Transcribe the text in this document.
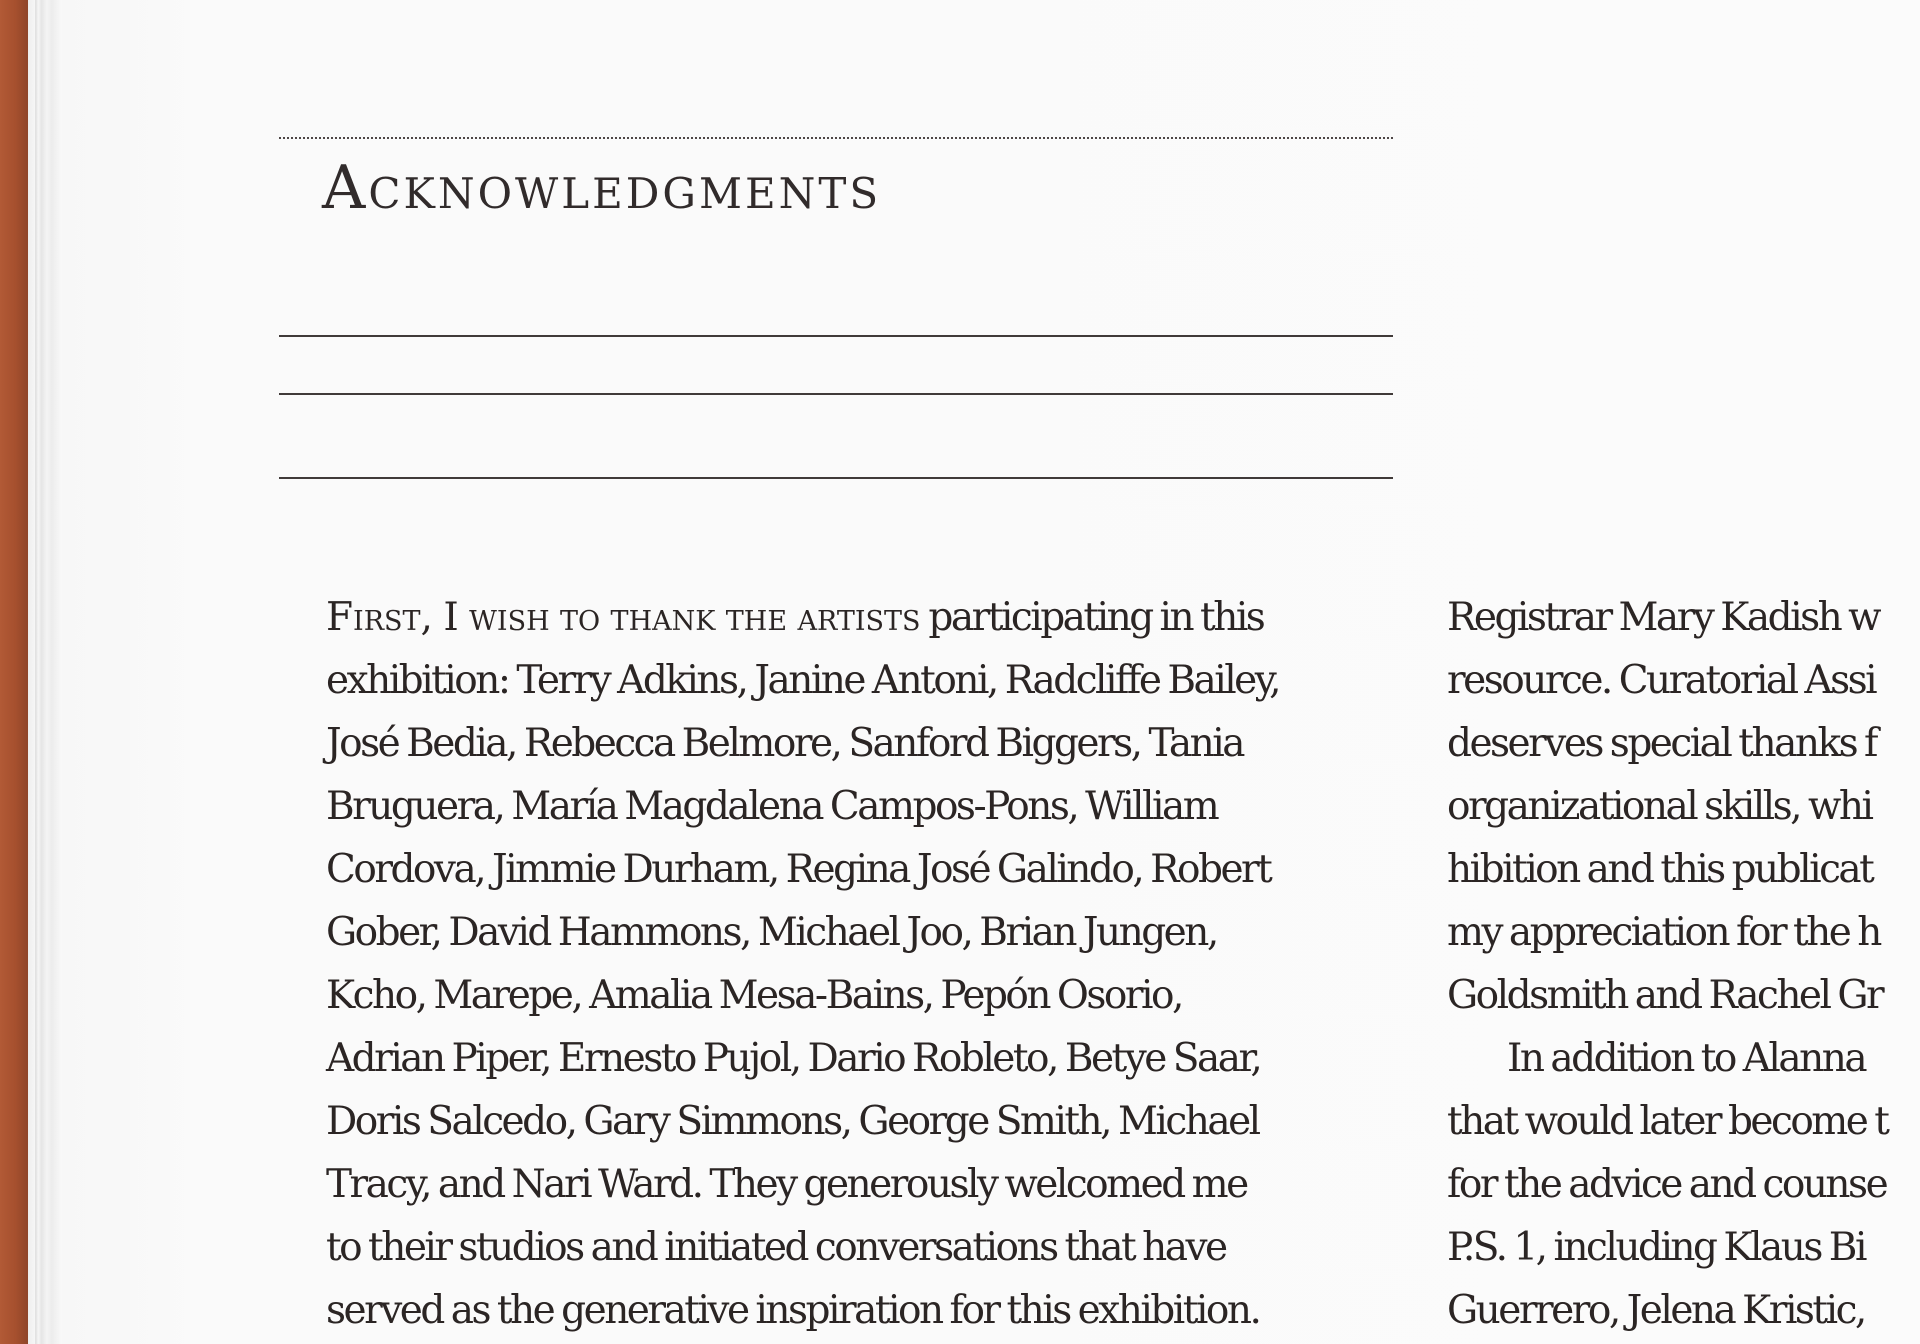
Acknowledgments
First, I wish to thank the artists participating in this
exhibition: Terry Adkins, Janine Antoni, Radcliffe Bailey,
José Bedia, Rebecca Belmore, Sanford Biggers, Tania
Bruguera, María Magdalena Campos-Pons, William
Cordova, Jimmie Durham, Regina José Galindo, Robert
Gober, David Hammons, Michael Joo, Brian Jungen,
Kcho, Marepe, Amalia Mesa-Bains, Pepón Osorio,
Adrian Piper, Ernesto Pujol, Dario Robleto, Betye Saar,
Doris Salcedo, Gary Simmons, George Smith, Michael
Tracy, and Nari Ward. They generously welcomed me
to their studios and initiated conversations that have
served as the generative inspiration for this exhibition.
Registrar Mary Kadish w
resource. Curatorial Assi
deserves special thanks f
organizational skills, whi
hibition and this publicat
my appreciation for the h
Goldsmith and Rachel Gr
In addition to Alanna
that would later become t
for the advice and counse
P.S. 1, including Klaus Bi
Guerrero, Jelena Kristic,
